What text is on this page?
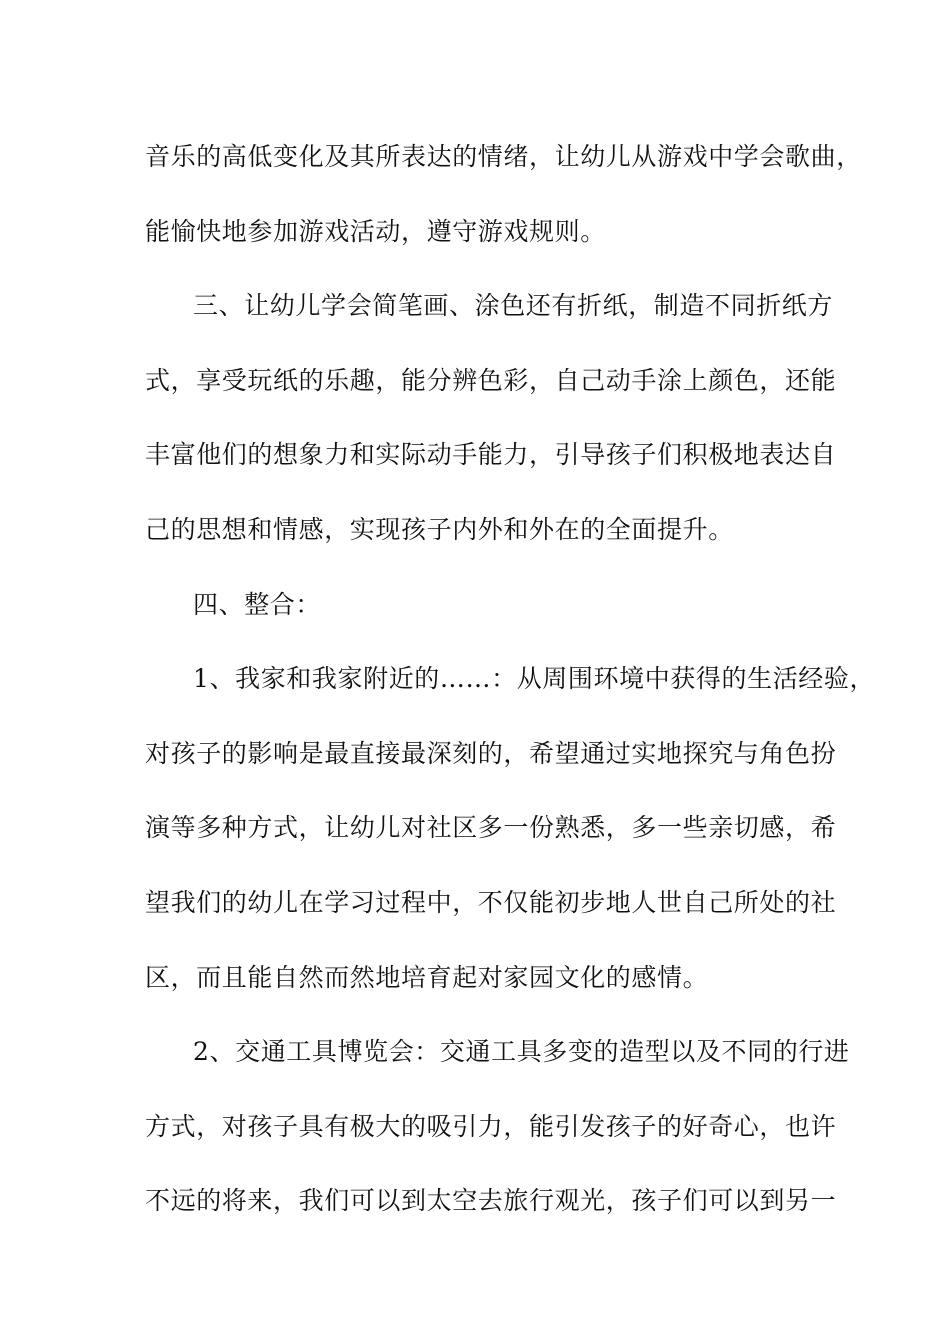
音乐的高低变化及其所表达的情绪，让幼儿从游戏中学会歌曲，
能愉快地参加游戏活动，遵守游戏规则。
三、让幼儿学会简笔画、涂色还有折纸，制造不同折纸方
式，享受玩纸的乐趣，能分辨色彩，自己动手涂上颜色，还能
丰富他们的想象力和实际动手能力，引导孩子们积极地表达自
己的思想和情感，实现孩子内外和外在的全面提升。
四、整合：
1、我家和我家附近的……：从周围环境中获得的生活经验，
对孩子的影响是最直接最深刻的，希望通过实地探究与角色扮
演等多种方式，让幼儿对社区多一份熟悉，多一些亲切感，希
望我们的幼儿在学习过程中，不仅能初步地人世自己所处的社
区，而且能自然而然地培育起对家园文化的感情。
2、交通工具博览会：交通工具多变的造型以及不同的行进
方式，对孩子具有极大的吸引力，能引发孩子的好奇心，也许
不远的将来，我们可以到太空去旅行观光，孩子们可以到另一
